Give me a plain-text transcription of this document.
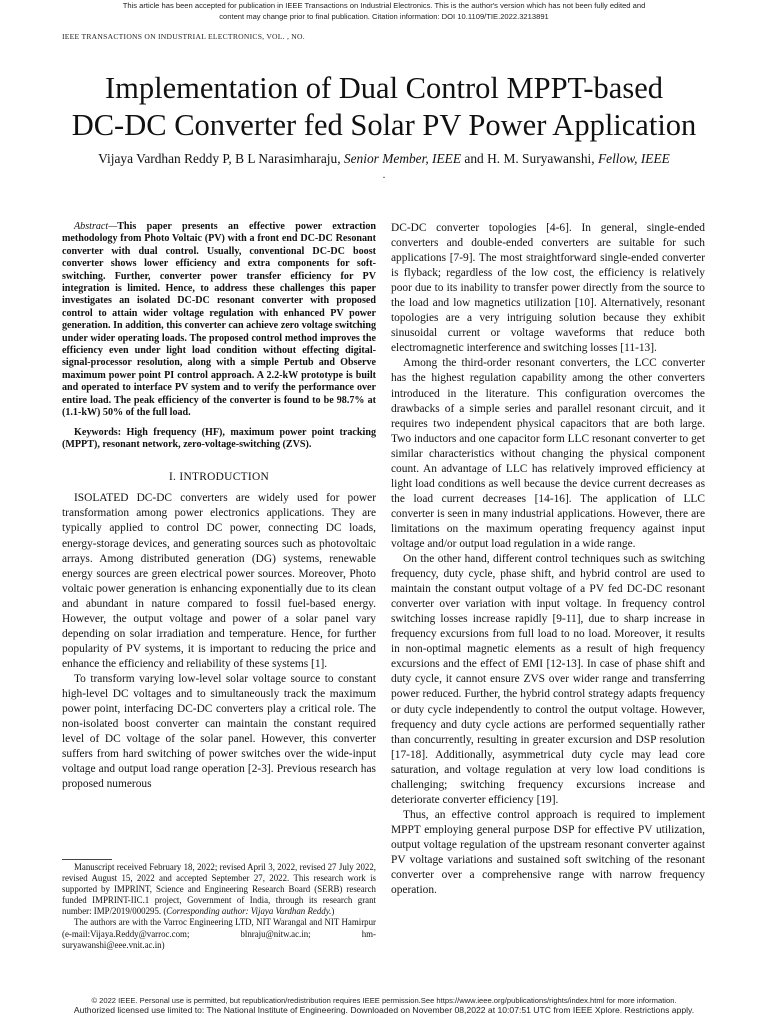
This article has been accepted for publication in IEEE Transactions on Industrial Electronics. This is the author's version which has not been fully edited and
content may change prior to final publication. Citation information: DOI 10.1109/TIE.2022.3213891
IEEE TRANSACTIONS ON INDUSTRIAL ELECTRONICS, VOL. , NO.
Implementation of Dual Control MPPT-based
DC-DC Converter fed Solar PV Power Application
Vijaya Vardhan Reddy P, B L Narasimharaju, Senior Member, IEEE and H. M. Suryawanshi, Fellow, IEEE
.

Abstract—This paper presents an effective power extraction methodology from Photo Voltaic (PV) with a front end DC-DC Resonant converter with dual control. Usually, conventional DC-DC boost converter shows lower efficiency and extra components for soft-switching. Further, converter power transfer efficiency for PV integration is limited. Hence, to address these challenges this paper investigates an isolated DC-DC resonant converter with proposed control to attain wider voltage regulation with enhanced PV power generation. In addition, this converter can achieve zero voltage switching under wider operating loads. The proposed control method improves the efficiency even under light load condition without effecting digital-signal-processor resolution, along with a simple Pertub and Observe maximum power point PI control approach. A 2.2-kW prototype is built and operated to interface PV system and to verify the performance over entire load. The peak efficiency of the converter is found to be 98.7% at (1.1-kW) 50% of the full load.

Keywords: High frequency (HF), maximum power point tracking (MPPT), resonant network, zero-voltage-switching (ZVS).

I. INTRODUCTION

ISOLATED DC-DC converters are widely used for power transformation among power electronics applications. They are typically applied to control DC power, connecting DC loads, energy-storage devices, and generating sources such as photovoltaic arrays. Among distributed generation (DG) systems, renewable energy sources are green electrical power sources. Moreover, Photo voltaic power generation is enhancing exponentially due to its clean and abundant in nature compared to fossil fuel-based energy. However, the output voltage and power of a solar panel vary depending on solar irradiation and temperature. Hence, for further popularity of PV systems, it is important to reducing the price and enhance the efficiency and reliability of these systems [1].

To transform varying low-level solar voltage source to constant high-level DC voltages and to simultaneously track the maximum power point, interfacing DC-DC converters play a critical role. The non-isolated boost converter can maintain the constant required level of DC voltage of the solar panel. However, this converter suffers from hard switching of power switches over the wide-input voltage and output load range operation [2-3]. Previous research has proposed numerous

DC-DC converter topologies [4-6]. In general, single-ended converters and double-ended converters are suitable for such applications [7-9]. The most straightforward single-ended converter is flyback; regardless of the low cost, the efficiency is relatively poor due to its inability to transfer power directly from the source to the load and low magnetics utilization [10]. Alternatively, resonant topologies are a very intriguing solution because they exhibit sinusoidal current or voltage waveforms that reduce both electromagnetic interference and switching losses [11-13].

Among the third-order resonant converters, the LCC converter has the highest regulation capability among the other converters introduced in the literature. This configuration overcomes the drawbacks of a simple series and parallel resonant circuit, and it requires two independent physical capacitors that are both large. Two inductors and one capacitor form LLC resonant converter to get similar characteristics without changing the physical component count. An advantage of LLC has relatively improved efficiency at light load conditions as well because the device current decreases as the load current decreases [14-16]. The application of LLC converter is seen in many industrial applications. However, there are limitations on the maximum operating frequency against input voltage and/or output load regulation in a wide range.

On the other hand, different control techniques such as switching frequency, duty cycle, phase shift, and hybrid control are used to maintain the constant output voltage of a PV fed DC-DC resonant converter over variation with input voltage. In frequency control switching losses increase rapidly [9-11], due to sharp increase in frequency excursions from full load to no load. Moreover, it results in non-optimal magnetic elements as a result of high frequency excursions and the effect of EMI [12-13]. In case of phase shift and duty cycle, it cannot ensure ZVS over wider range and transferring power reduced. Further, the hybrid control strategy adapts frequency or duty cycle independently to control the output voltage. However, frequency and duty cycle actions are performed sequentially rather than concurrently, resulting in greater excursion and DSP resolution [17-18]. Additionally, asymmetrical duty cycle may lead core saturation, and voltage regulation at very low load conditions is challenging; switching frequency excursions increase and deteriorate converter efficiency [19].

Thus, an effective control approach is required to implement MPPT employing general purpose DSP for effective PV utilization, output voltage regulation of the upstream resonant converter against PV voltage variations and sustained soft switching of the resonant converter over a comprehensive range with narrow frequency operation.

Manuscript received February 18, 2022; revised April 3, 2022, revised 27 July 2022, revised August 15, 2022 and accepted September 27, 2022. This research work is supported by IMPRINT, Science and Engineering Research Board (SERB) research funded IMPRINT-IIC.1 project, Government of India, through its research grant number: IMP/2019/000295. (Corresponding author: Vijaya Vardhan Reddy.)

The authors are with the Varroc Engineering LTD, NIT Warangal and NIT Hamirpur (e-mail:Vijaya.Reddy@varroc.com; blnraju@nitw.ac.in; hm-suryawanshi@eee.vnit.ac.in)

© 2022 IEEE. Personal use is permitted, but republication/redistribution requires IEEE permission.See https://www.ieee.org/publications/rights/index.html for more information.
Authorized licensed use limited to: The National Institute of Engineering. Downloaded on November 08,2022 at 10:07:51 UTC from IEEE Xplore. Restrictions apply.
